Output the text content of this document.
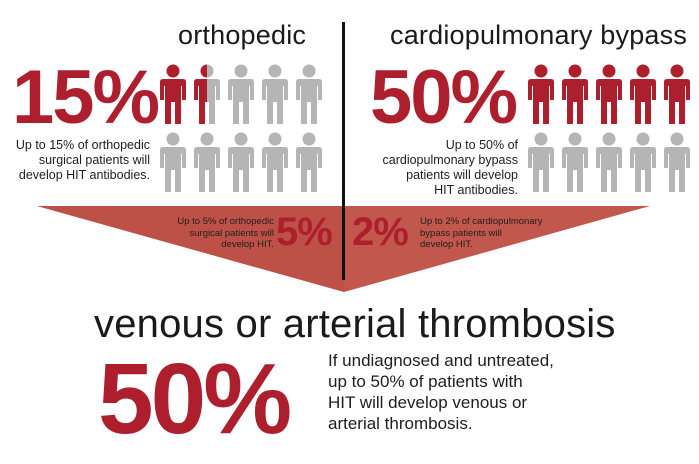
orthopedic
15%
Up to 15% of orthopedic
surgical patients will
develop HIT antibodies.
cardiopulmonary bypass
50%
Up to 50% of
cardiopulmonary bypass
patients will develop
HIT antibodies.
Up to 5% of orthopedic
surgical patients will
develop HIT. 5% 2% Up to 2% of cardiopulmonary
bypass patients will
develop HIT.
venous or arterial thrombosis
50% If undiagnosed and untreated,
up to 50% of patients with
HIT will develop venous or
arterial thrombosis.
